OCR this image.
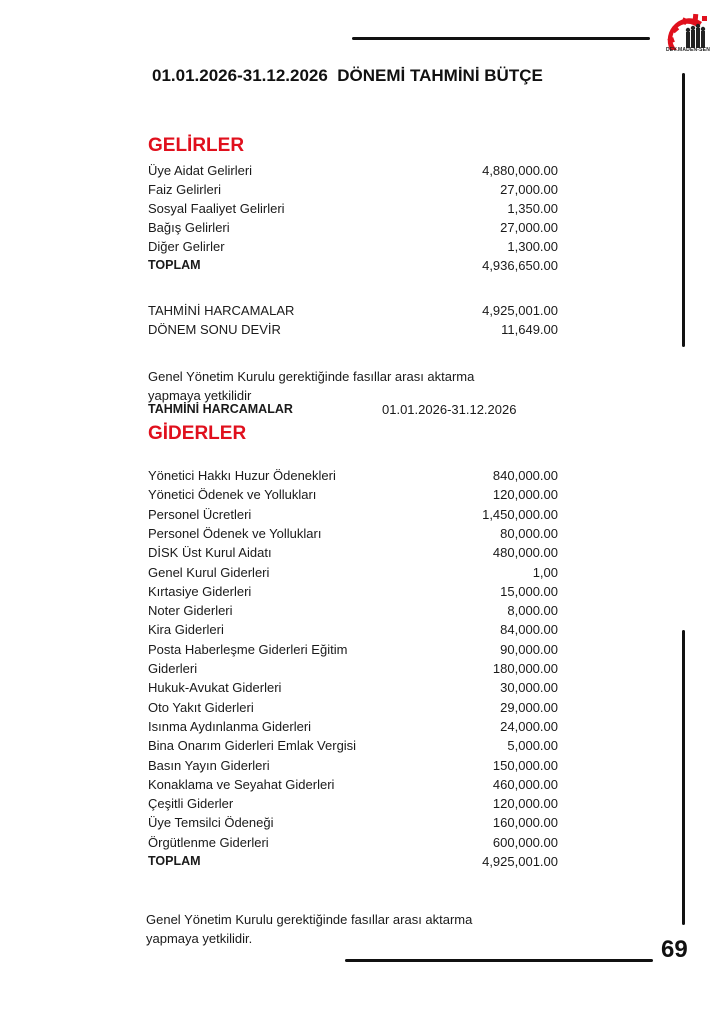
DEV.MADEN-SEN
01.01.2026-31.12.2026  DÖNEMİ TAHMİNİ BÜTÇE
GELİRLER
Üye Aidat Gelirleri	4,880,000.00
Faiz Gelirleri	27,000.00
Sosyal Faaliyet Gelirleri	1,350.00
Bağış Gelirleri	27,000.00
Diğer Gelirler	1,300.00
TOPLAM	4,936,650.00
TAHMİNİ HARCAMALAR	4,925,001.00
DÖNEM SONU DEVİR	11,649.00
Genel Yönetim Kurulu gerektiğinde fasıllar arası aktarma yapmaya yetkilidir
TAHMİNİ HARCAMALAR	01.01.2026-31.12.2026
GİDERLER
Yönetici Hakkı Huzur Ödenekleri	840,000.00
Yönetici Ödenek ve Yollukları	120,000.00
Personel Ücretleri	1,450,000.00
Personel Ödenek ve Yollukları	80,000.00
DİSK Üst Kurul Aidatı	480,000.00
Genel Kurul Giderleri	1,00
Kırtasiye Giderleri	15,000.00
Noter Giderleri	8,000.00
Kira Giderleri	84,000.00
Posta Haberleşme Giderleri Eğitim	90,000.00
Giderleri	180,000.00
Hukuk-Avukat Giderleri	30,000.00
Oto Yakıt Giderleri	29,000.00
Isınma Aydınlanma Giderleri	24,000.00
Bina Onarım Giderleri Emlak Vergisi	5,000.00
Basın Yayın Giderleri	150,000.00
Konaklama ve Seyahat Giderleri	460,000.00
Çeşitli Giderler	120,000.00
Üye Temsilci Ödeneği	160,000.00
Örgütlenme Giderleri	600,000.00
TOPLAM	4,925,001.00
Genel Yönetim Kurulu gerektiğinde fasıllar arası aktarma yapmaya yetkilidir.	69
